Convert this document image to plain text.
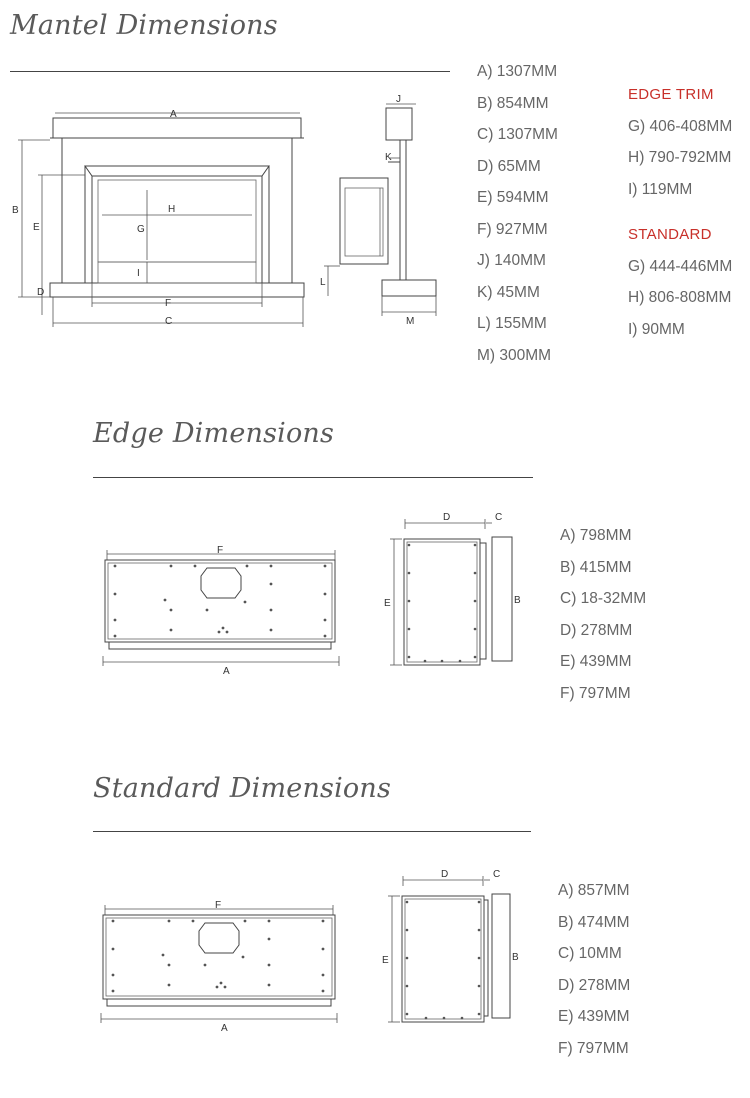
Mantel Dimensions
A
B
E
D
H
G
I
F
C
J
K
L
M
A) 1307MM
B) 854MM
C) 1307MM
D) 65MM
E) 594MM
F) 927MM
J) 140MM
K) 45MM
L) 155MM
M) 300MM
EDGE TRIM
G) 406-408MM
H) 790-792MM
I) 119MM
STANDARD
G) 444-446MM
H) 806-808MM
I) 90MM
Edge Dimensions
F
A
D	C
E	B
A) 798MM
B) 415MM
C) 18-32MM
D) 278MM
E) 439MM
F) 797MM
Standard Dimensions
F
A
D	C
E	B
A) 857MM
B) 474MM
C) 10MM
D) 278MM
E) 439MM
F) 797MM
